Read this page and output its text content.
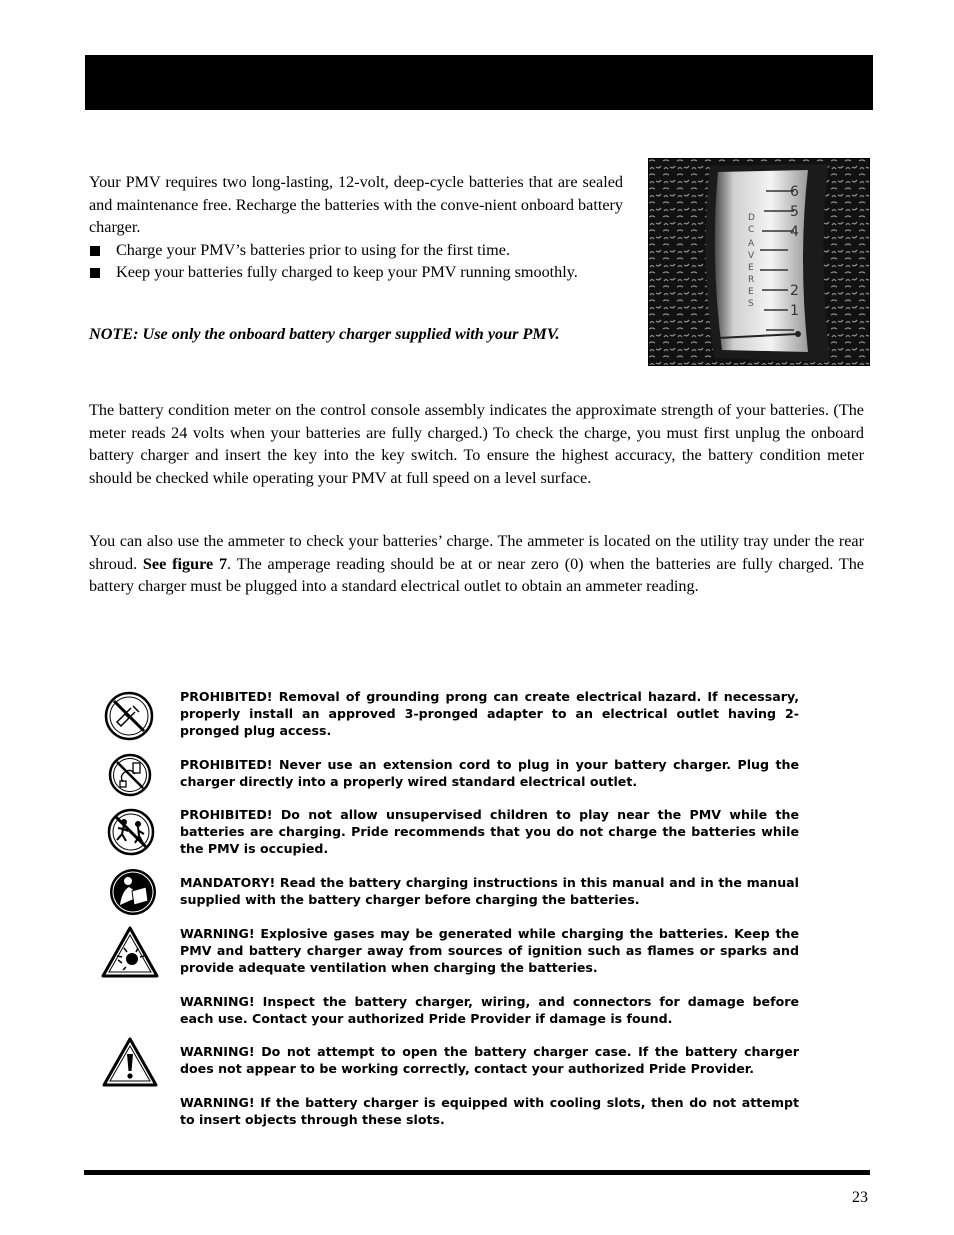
Your PMV requires two long-lasting, 12-volt, deep-cycle batteries that are sealed and maintenance free. Recharge the batteries with the conve-nient onboard battery charger.

Charge your PMV’s batteries prior to using for the first time.
Keep your batteries fully charged to keep your PMV running smoothly.
NOTE: Use only the onboard battery charger supplied with your PMV.
6
5
4
2
1
D
C
A
V
E
R
E
S

The battery condition meter on the control console assembly indicates the approximate strength of your batteries. (The meter reads 24 volts when your batteries are fully charged.) To check the charge, you must first unplug the onboard battery charger and insert the key into the key switch. To ensure the highest accuracy, the battery condition meter should be checked while operating your PMV at full speed on a level surface.

You can also use the ammeter to check your batteries’ charge. The ammeter is located on the utility tray under the rear shroud. See figure 7. The amperage reading should be at or near zero (0) when the batteries are fully charged. The battery charger must be plugged into a standard electrical outlet to obtain an ammeter reading.

PROHIBITED! Removal of grounding prong can create electrical hazard. If necessary, properly install an approved 3-pronged adapter to an electrical outlet having 2-pronged plug access.

PROHIBITED! Never use an extension cord to plug in your battery charger. Plug the charger directly into a properly wired standard electrical outlet.

PROHIBITED! Do not allow unsupervised children to play near the PMV while the batteries are charging. Pride recommends that you do not charge the batteries while the PMV is occupied.

MANDATORY! Read the battery charging instructions in this manual and in the manual supplied with the battery charger before charging the batteries.

WARNING! Explosive gases may be generated while charging the batteries. Keep the PMV and battery charger away from sources of ignition such as flames or sparks and provide adequate ventilation when charging the batteries.

WARNING! Inspect the battery charger, wiring, and connectors for damage before each use. Contact your authorized Pride Provider if damage is found.

WARNING! Do not attempt to open the battery charger case. If the battery charger does not appear to be working correctly, contact your authorized Pride Provider.

WARNING! If the battery charger is equipped with cooling slots, then do not attempt to insert objects through these slots.

23
